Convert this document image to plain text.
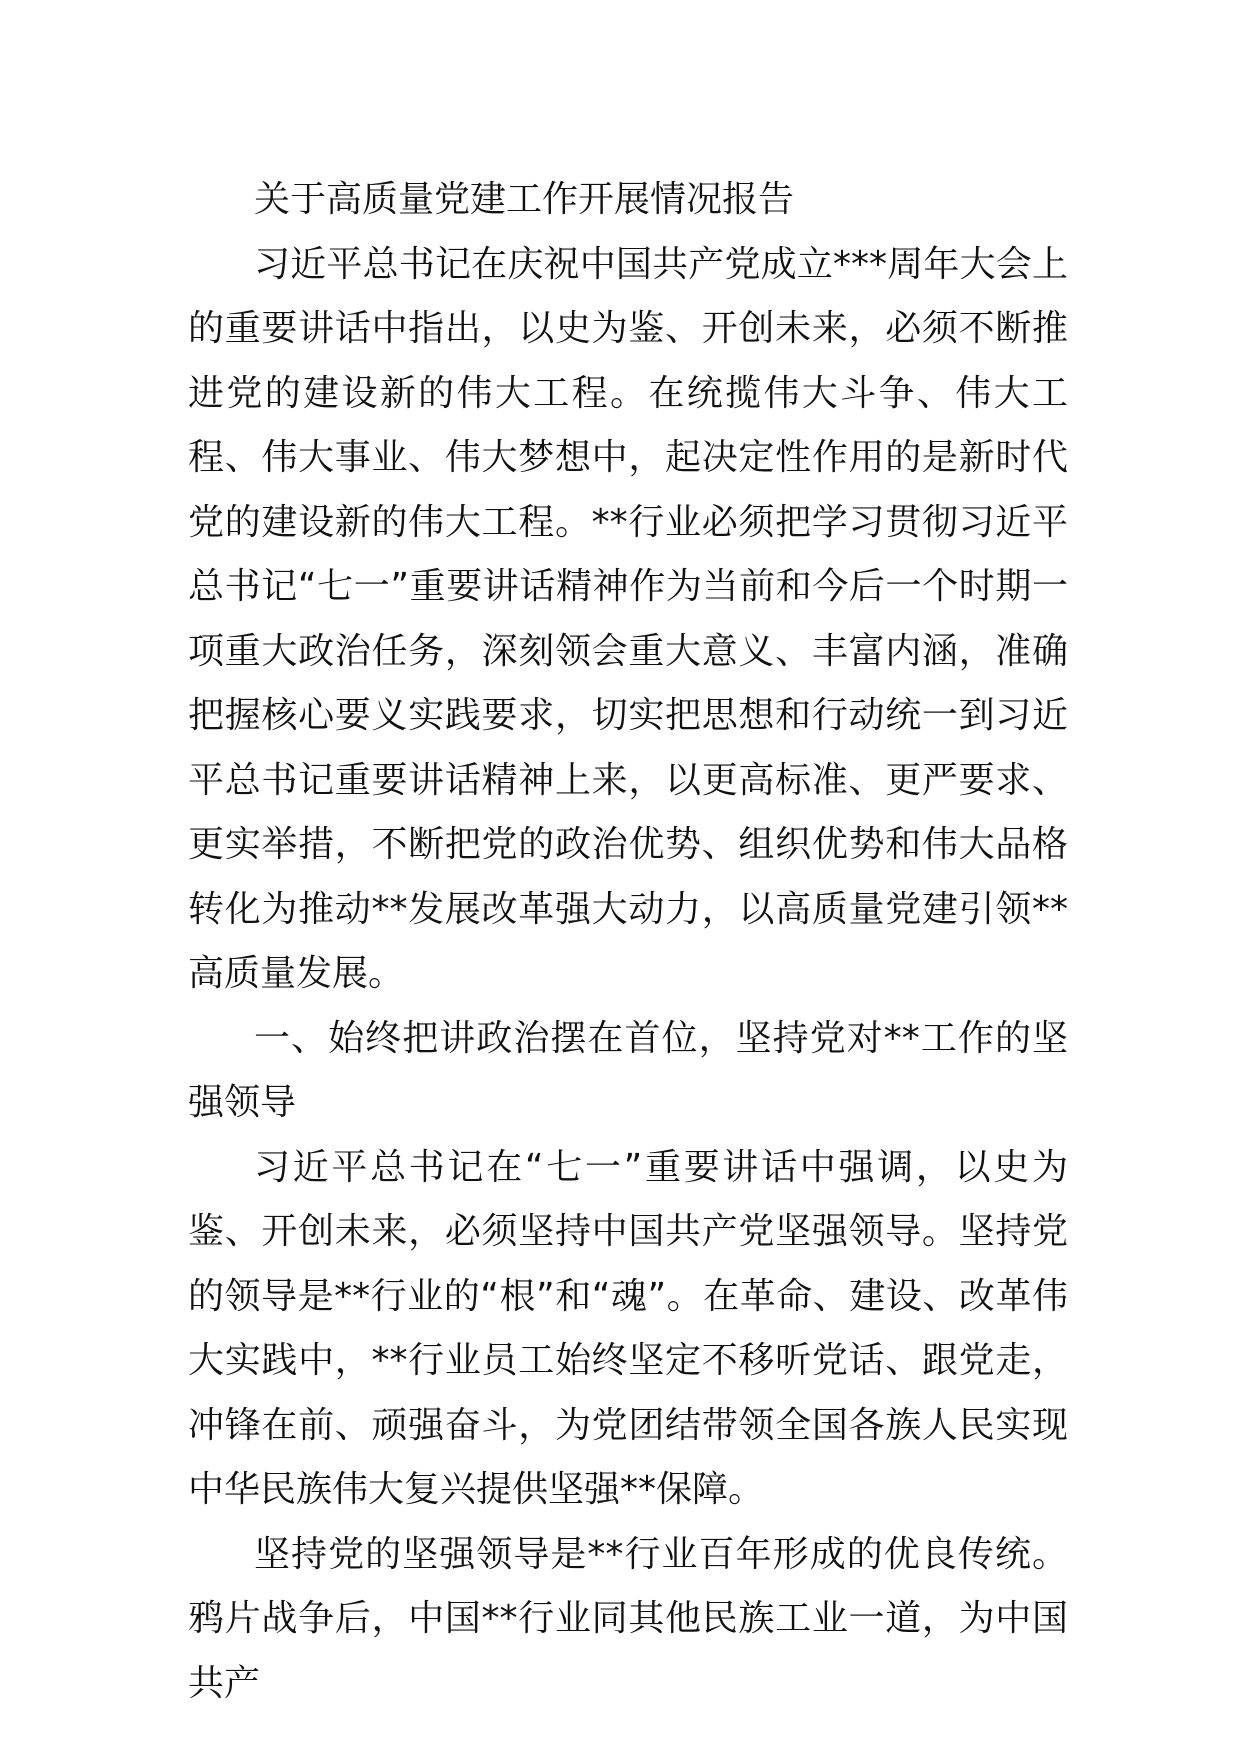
关于高质量党建工作开展情况报告

习近平总书记在庆祝中国共产党成立***周年大会上的重要讲话中指出，以史为鉴、开创未来，必须不断推进党的建设新的伟大工程。在统揽伟大斗争、伟大工程、伟大事业、伟大梦想中，起决定性作用的是新时代党的建设新的伟大工程。**行业必须把学习贯彻习近平总书记“七一”重要讲话精神作为当前和今后一个时期一项重大政治任务，深刻领会重大意义、丰富内涵，准确把握核心要义实践要求，切实把思想和行动统一到习近平总书记重要讲话精神上来，以更高标准、更严要求、更实举措，不断把党的政治优势、组织优势和伟大品格转化为推动**发展改革强大动力，以高质量党建引领**高质量发展。

一、始终把讲政治摆在首位，坚持党对**工作的坚强领导

习近平总书记在“七一”重要讲话中强调，以史为鉴、开创未来，必须坚持中国共产党坚强领导。坚持党的领导是**行业的“根”和“魂”。在革命、建设、改革伟大实践中，**行业员工始终坚定不移听党话、跟党走，冲锋在前、顽强奋斗，为党团结带领全国各族人民实现中华民族伟大复兴提供坚强**保障。

坚持党的坚强领导是**行业百年形成的优良传统。鸦片战争后，中国**行业同其他民族工业一道，为中国共产
